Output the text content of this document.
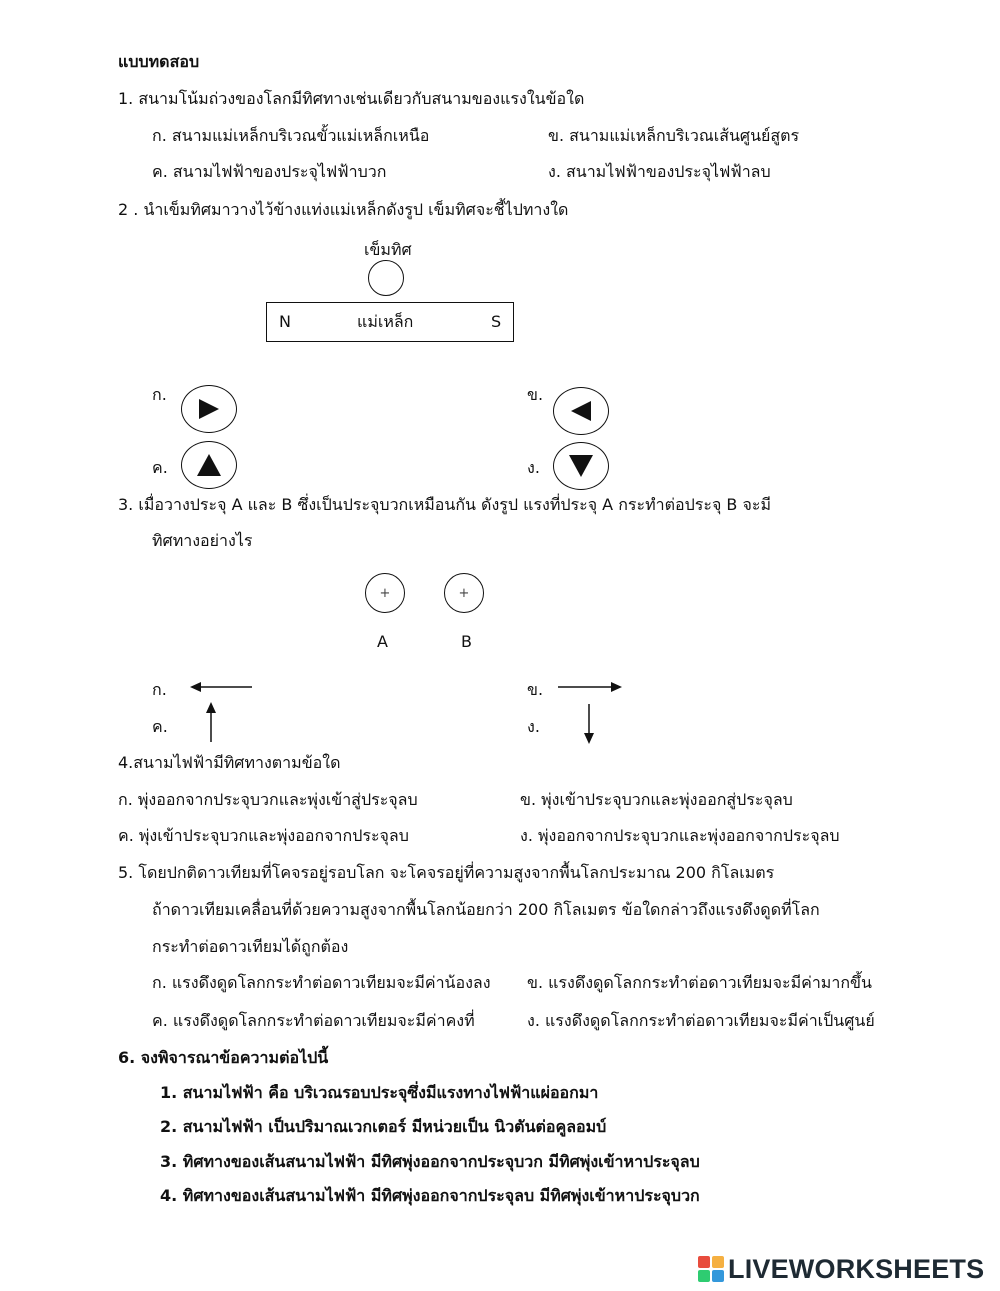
แบบทดสอบ
1. สนามโน้มถ่วงของโลกมีทิศทางเช่นเดียวกับสนามของแรงในข้อใด
ก. สนามแม่เหล็กบริเวณขั้วแม่เหล็กเหนือ	ข. สนามแม่เหล็กบริเวณเส้นศูนย์สูตร
ค. สนามไฟฟ้าของประจุไฟฟ้าบวก	ง. สนามไฟฟ้าของประจุไฟฟ้าลบ
2 . นำเข็มทิศมาวางไว้ข้างแท่งแม่เหล็กดังรูป เข็มทิศจะชี้ไปทางใด
เข็มทิศ
N	แม่เหล็ก	S
ก.	ข.
ค.	ง.
3. เมื่อวางประจุ A และ B ซึ่งเป็นประจุบวกเหมือนกัน ดังรูป แรงที่ประจุ A กระทำต่อประจุ B จะมี
ทิศทางอย่างไร
+	+
A	B
ก.	ข.
ค.	ง.
4.สนามไฟฟ้ามีทิศทางตามข้อใด
ก. พุ่งออกจากประจุบวกและพุ่งเข้าสู่ประจุลบ	ข. พุ่งเข้าประจุบวกและพุ่งออกสู่ประจุลบ
ค. พุ่งเข้าประจุบวกและพุ่งออกจากประจุลบ	ง. พุ่งออกจากประจุบวกและพุ่งออกจากประจุลบ
5. โดยปกติดาวเทียมที่โคจรอยู่รอบโลก จะโคจรอยู่ที่ความสูงจากพื้นโลกประมาณ 200 กิโลเมตร
ถ้าดาวเทียมเคลื่อนที่ด้วยความสูงจากพื้นโลกน้อยกว่า 200 กิโลเมตร ข้อใดกล่าวถึงแรงดึงดูดที่โลก
กระทำต่อดาวเทียมได้ถูกต้อง
ก. แรงดึงดูดโลกกระทำต่อดาวเทียมจะมีค่าน้องลง ข. แรงดึงดูดโลกกระทำต่อดาวเทียมจะมีค่ามากขึ้น
ค. แรงดึงดูดโลกกระทำต่อดาวเทียมจะมีค่าคงที่	ง. แรงดึงดูดโลกกระทำต่อดาวเทียมจะมีค่าเป็นศูนย์
6. จงพิจารณาข้อความต่อไปนี้
1. สนามไฟฟ้า คือ บริเวณรอบประจุซึ่งมีแรงทางไฟฟ้าแผ่ออกมา
2. สนามไฟฟ้า เป็นปริมาณเวกเตอร์ มีหน่วยเป็น นิวตันต่อคูลอมบ์
3. ทิศทางของเส้นสนามไฟฟ้า มีทิศพุ่งออกจากประจุบวก มีทิศพุ่งเข้าหาประจุลบ
4. ทิศทางของเส้นสนามไฟฟ้า มีทิศพุ่งออกจากประจุลบ มีทิศพุ่งเข้าหาประจุบวก
LIVEWORKSHEETS
